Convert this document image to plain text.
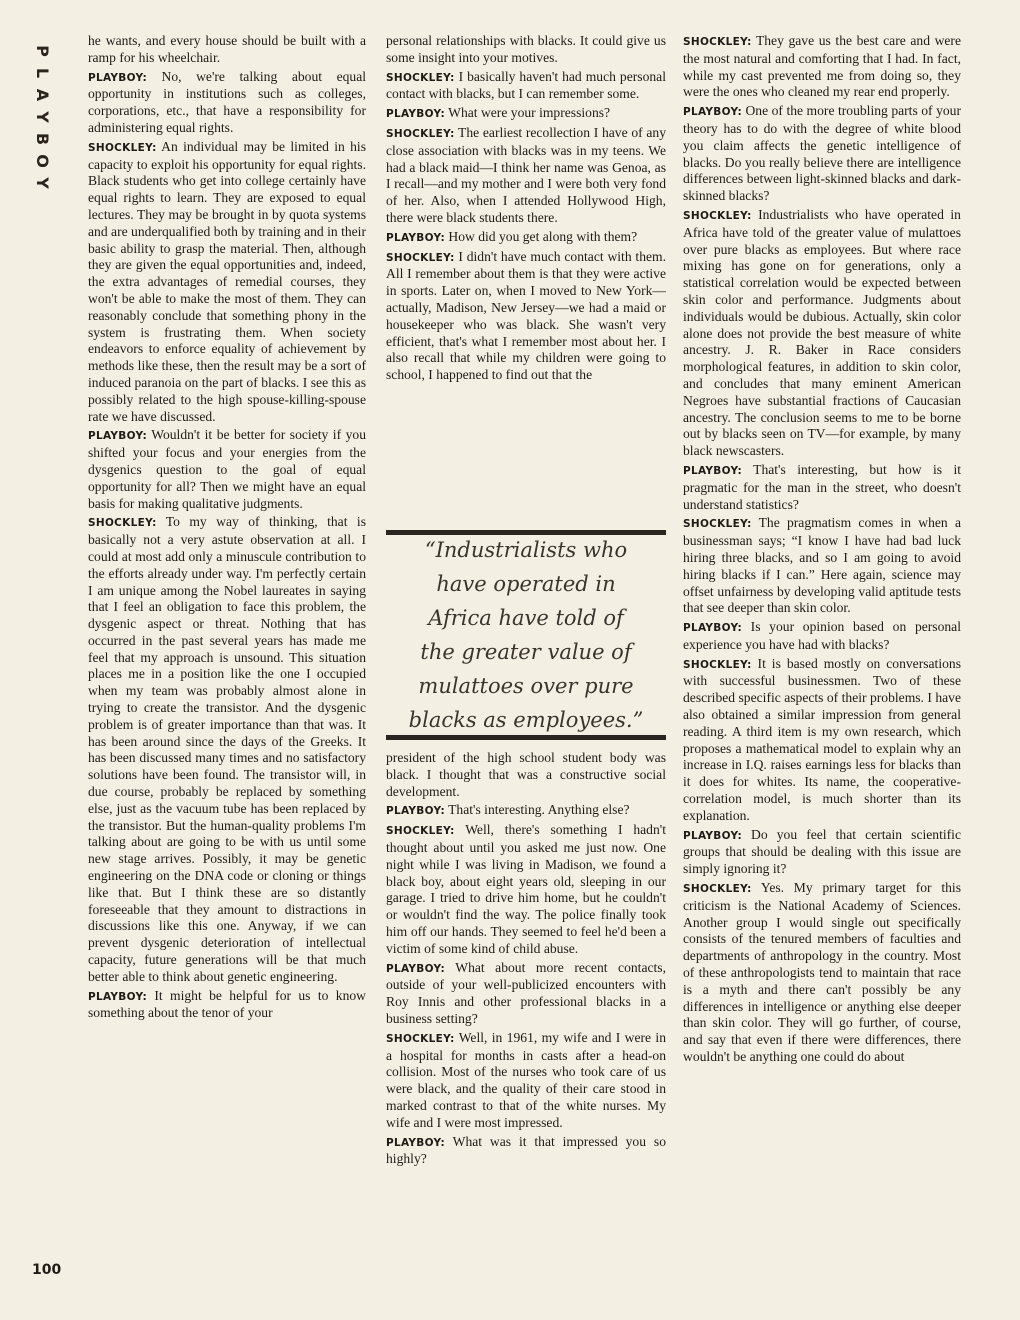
P
L
A
Y
B
O
Y
100

he wants, and every house should be built with a ramp for his wheelchair.

PLAYBOY: No, we're talking about equal opportunity in institutions such as colleges, corporations, etc., that have a responsibility for administering equal rights.

SHOCKLEY: An individual may be limited in his capacity to exploit his opportunity for equal rights. Black students who get into college certainly have equal rights to learn. They are exposed to equal lectures. They may be brought in by quota systems and are underqualified both by training and in their basic ability to grasp the material. Then, although they are given the equal opportunities and, indeed, the extra advantages of remedial courses, they won't be able to make the most of them. They can reasonably conclude that something phony in the system is frustrating them. When society endeavors to enforce equality of achievement by methods like these, then the result may be a sort of induced paranoia on the part of blacks. I see this as possibly related to the high spouse-killing-spouse rate we have discussed.

PLAYBOY: Wouldn't it be better for society if you shifted your focus and your energies from the dysgenics question to the goal of equal opportunity for all? Then we might have an equal basis for making qualitative judgments.

SHOCKLEY: To my way of thinking, that is basically not a very astute observation at all. I could at most add only a minuscule contribution to the efforts already under way. I'm perfectly certain I am unique among the Nobel laureates in saying that I feel an obligation to face this problem, the dysgenic aspect or threat. Nothing that has occurred in the past several years has made me feel that my approach is unsound. This situation places me in a position like the one I occupied when my team was probably almost alone in trying to create the transistor. And the dysgenic problem is of greater importance than that was. It has been around since the days of the Greeks. It has been discussed many times and no satisfactory solutions have been found. The transistor will, in due course, probably be replaced by something else, just as the vacuum tube has been replaced by the transistor. But the human-quality problems I'm talking about are going to be with us until some new stage arrives. Possibly, it may be genetic engineering on the DNA code or cloning or things like that. But I think these are so distantly foreseeable that they amount to distractions in discussions like this one. Anyway, if we can prevent dysgenic deterioration of intellectual capacity, future generations will be that much better able to think about genetic engineering.

PLAYBOY: It might be helpful for us to know something about the tenor of your

personal relationships with blacks. It could give us some insight into your motives.

SHOCKLEY: I basically haven't had much personal contact with blacks, but I can remember some.

PLAYBOY: What were your impressions?

SHOCKLEY: The earliest recollection I have of any close association with blacks was in my teens. We had a black maid—I think her name was Genoa, as I recall—and my mother and I were both very fond of her. Also, when I attended Hollywood High, there were black students there.

PLAYBOY: How did you get along with them?

SHOCKLEY: I didn't have much contact with them. All I remember about them is that they were active in sports. Later on, when I moved to New York—actually, Madison, New Jersey—we had a maid or housekeeper who was black. She wasn't very efficient, that's what I remember most about her. I also recall that while my children were going to school, I happened to find out that the

“Industrialists who have operated in Africa have told of the greater value of mulattoes over pure blacks as employees.”

president of the high school student body was black. I thought that was a constructive social development.

PLAYBOY: That's interesting. Anything else?

SHOCKLEY: Well, there's something I hadn't thought about until you asked me just now. One night while I was living in Madison, we found a black boy, about eight years old, sleeping in our garage. I tried to drive him home, but he couldn't or wouldn't find the way. The police finally took him off our hands. They seemed to feel he'd been a victim of some kind of child abuse.

PLAYBOY: What about more recent contacts, outside of your well-publicized encounters with Roy Innis and other professional blacks in a business setting?

SHOCKLEY: Well, in 1961, my wife and I were in a hospital for months in casts after a head-on collision. Most of the nurses who took care of us were black, and the quality of their care stood in marked contrast to that of the white nurses. My wife and I were most impressed.

PLAYBOY: What was it that impressed you so highly?

SHOCKLEY: They gave us the best care and were the most natural and comforting that I had. In fact, while my cast prevented me from doing so, they were the ones who cleaned my rear end properly.

PLAYBOY: One of the more troubling parts of your theory has to do with the degree of white blood you claim affects the genetic intelligence of blacks. Do you really believe there are intelligence differences between light-skinned blacks and dark-skinned blacks?

SHOCKLEY: Industrialists who have operated in Africa have told of the greater value of mulattoes over pure blacks as employees. But where race mixing has gone on for generations, only a statistical correlation would be expected between skin color and performance. Judgments about individuals would be dubious. Actually, skin color alone does not provide the best measure of white ancestry. J. R. Baker in Race considers morphological features, in addition to skin color, and concludes that many eminent American Negroes have substantial fractions of Caucasian ancestry. The conclusion seems to me to be borne out by blacks seen on TV—for example, by many black newscasters.

PLAYBOY: That's interesting, but how is it pragmatic for the man in the street, who doesn't understand statistics?

SHOCKLEY: The pragmatism comes in when a businessman says; “I know I have had bad luck hiring three blacks, and so I am going to avoid hiring blacks if I can.” Here again, science may offset unfairness by developing valid aptitude tests that see deeper than skin color.

PLAYBOY: Is your opinion based on personal experience you have had with blacks?

SHOCKLEY: It is based mostly on conversations with successful businessmen. Two of these described specific aspects of their problems. I have also obtained a similar impression from general reading. A third item is my own research, which proposes a mathematical model to explain why an increase in I.Q. raises earnings less for blacks than it does for whites. Its name, the cooperative-correlation model, is much shorter than its explanation.

PLAYBOY: Do you feel that certain scientific groups that should be dealing with this issue are simply ignoring it?

SHOCKLEY: Yes. My primary target for this criticism is the National Academy of Sciences. Another group I would single out specifically consists of the tenured members of faculties and departments of anthropology in the country. Most of these anthropologists tend to maintain that race is a myth and there can't possibly be any differences in intelligence or anything else deeper than skin color. They will go further, of course, and say that even if there were differences, there wouldn't be anything one could do about
